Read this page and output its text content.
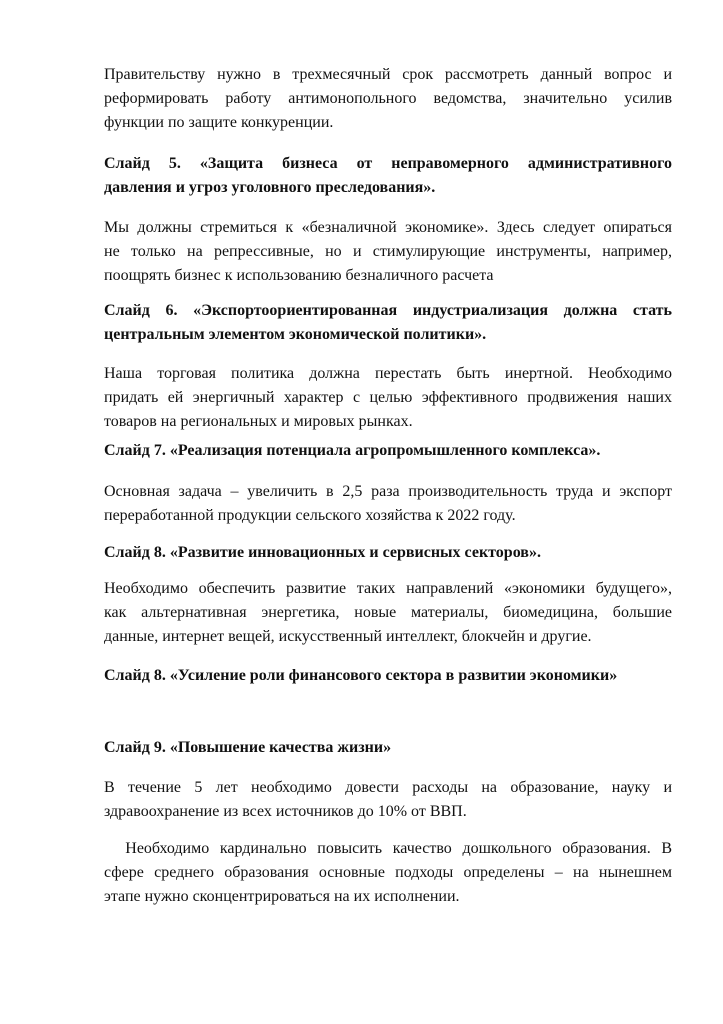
Правительству нужно в трехмесячный срок рассмотреть данный вопрос и
реформировать работу антимонопольного ведомства, значительно усилив
функции по защите конкуренции.
Слайд 5. «Защита бизнеса от неправомерного административного
давления и угроз уголовного преследования».
Мы должны стремиться к «безналичной экономике». Здесь следует опираться
не только на репрессивные, но и стимулирующие инструменты, например,
поощрять бизнес к использованию безналичного расчета
Слайд 6. «Экспортоориентированная индустриализация должна стать
центральным элементом экономической политики».
Наша торговая политика должна перестать быть инертной. Необходимо
придать ей энергичный характер с целью эффективного продвижения наших
товаров на региональных и мировых рынках.
Слайд 7. «Реализация потенциала агропромышленного комплекса».
Основная задача – увеличить в 2,5 раза производительность труда и экспорт
переработанной продукции сельского хозяйства к 2022 году.
Слайд 8. «Развитие инновационных и сервисных секторов».
Необходимо обеспечить развитие таких направлений «экономики будущего»,
как альтернативная энергетика, новые материалы, биомедицина, большие
данные, интернет вещей, искусственный интеллект, блокчейн и другие.
Слайд 8. «Усиление роли финансового сектора в развитии экономики»
Слайд 9. «Повышение качества жизни»
В течение 5 лет необходимо довести расходы на образование, науку и
здравоохранение из всех источников до 10% от ВВП.
Необходимо кардинально повысить качество дошкольного образования. В
сфере среднего образования основные подходы определены – на нынешнем
этапе нужно сконцентрироваться на их исполнении.
